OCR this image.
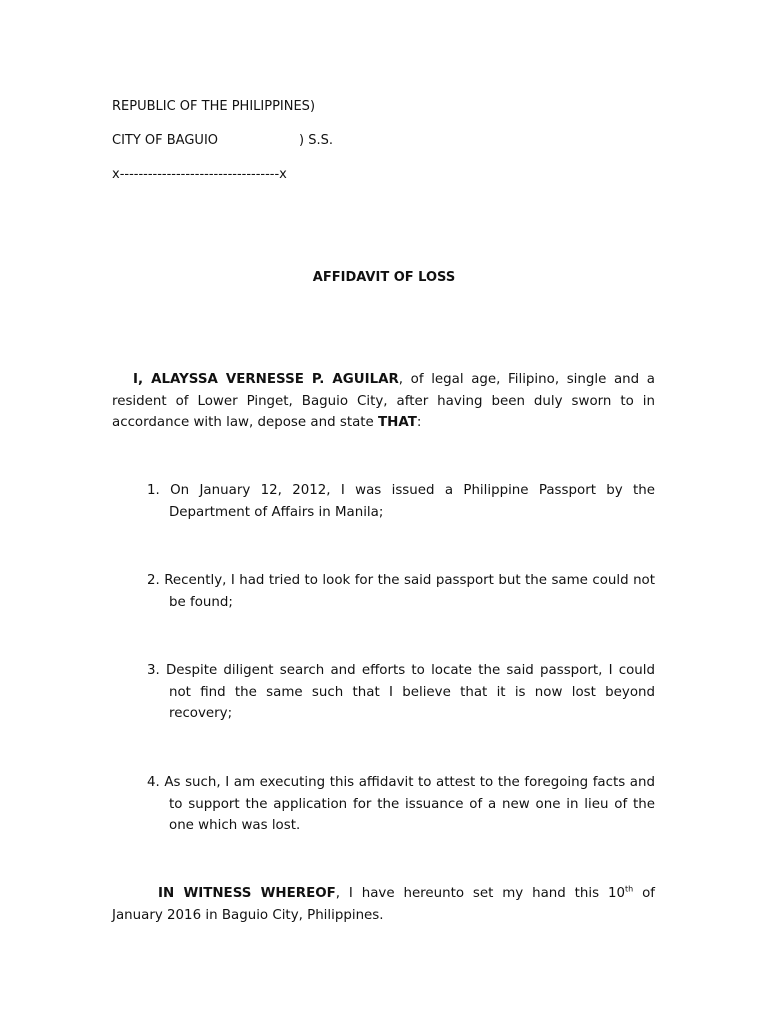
REPUBLIC OF THE PHILIPPINES)
CITY OF BAGUIO	) S.S.
x----------------------------------x
AFFIDAVIT OF LOSS
I, ALAYSSA VERNESSE P. AGUILAR, of legal age, Filipino, single and a resident of Lower Pinget, Baguio City, after having been duly sworn to in accordance with law, depose and state THAT:
1. On January 12, 2012, I was issued a Philippine Passport by the Department of Affairs in Manila;
2. Recently, I had tried to look for the said passport but the same could not be found;
3. Despite diligent search and efforts to locate the said passport, I could not find the same such that I believe that it is now lost beyond recovery;
4. As such, I am executing this affidavit to attest to the foregoing facts and to support the application for the issuance of a new one in lieu of the one which was lost.
IN WITNESS WHEREOF, I have hereunto set my hand this 10th of January 2016 in Baguio City, Philippines.
